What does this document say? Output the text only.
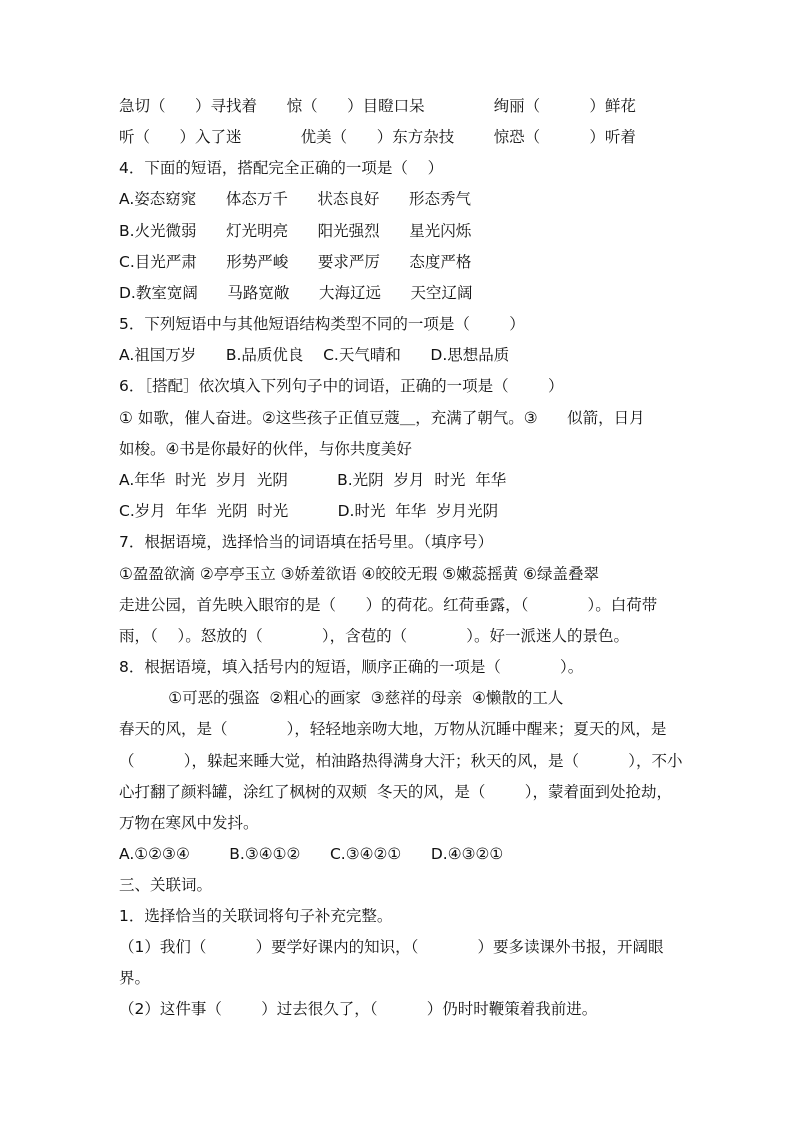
急切（      ）寻找着      惊（      ）目瞪口呆              绚丽（          ）鲜花
听（      ）入了迷            优美（      ）东方杂技        惊恐（          ）听着
4．下面的短语，搭配完全正确的一项是（    ）
A.姿态窈窕      体态万千      状态良好      形态秀气
B.火光微弱      灯光明亮      阳光强烈      星光闪烁
C.目光严肃      形势严峻      要求严厉      态度严格
D.教室宽阔      马路宽敞      大海辽远      天空辽阔
5．下列短语中与其他短语结构类型不同的一项是（        ）
A.祖国万岁      B.品质优良    C.天气晴和      D.思想品质
6．［搭配］依次填入下列句子中的词语，正确的一项是（        ）
① 如歌，催人奋进。②这些孩子正值豆蔻＿，充满了朝气。③      似箭，日月
如梭。④书是你最好的伙伴，与你共度美好
A.年华  时光  岁月  光阴          B.光阴  岁月  时光  年华
C.岁月  年华  光阴  时光          D.时光  年华  岁月光阴
7．根据语境，选择恰当的词语填在括号里。（填序号）
①盈盈欲滴 ②亭亭玉立 ③娇羞欲语 ④皎皎无瑕 ⑤嫩蕊摇黄 ⑥绿盖叠翠
走进公园，首先映入眼帘的是（      ）的荷花。红荷垂露，（            ）。白荷带
雨，（    ）。怒放的（            ），含苞的（            ）。好一派迷人的景色。
8．根据语境，填入括号内的短语，顺序正确的一项是（            ）。
①可恶的强盗  ②粗心的画家  ③慈祥的母亲  ④懒散的工人
春天的风，是（            ），轻轻地亲吻大地，万物从沉睡中醒来；夏天的风，是
（          ），躲起来睡大觉，柏油路热得满身大汗；秋天的风，是（          ），不小
心打翻了颜料罐，涂红了枫树的双颊  冬天的风，是（        ），蒙着面到处抢劫，
万物在寒风中发抖。
A.①②③④        B.③④①②      C.③④②①      D.④③②①
三、关联词。
1．选择恰当的关联词将句子补充完整。
（1）我们（          ）要学好课内的知识，（            ）要多读课外书报，开阔眼
界。
（2）这件事（        ）过去很久了，（          ）仍时时鞭策着我前进。
